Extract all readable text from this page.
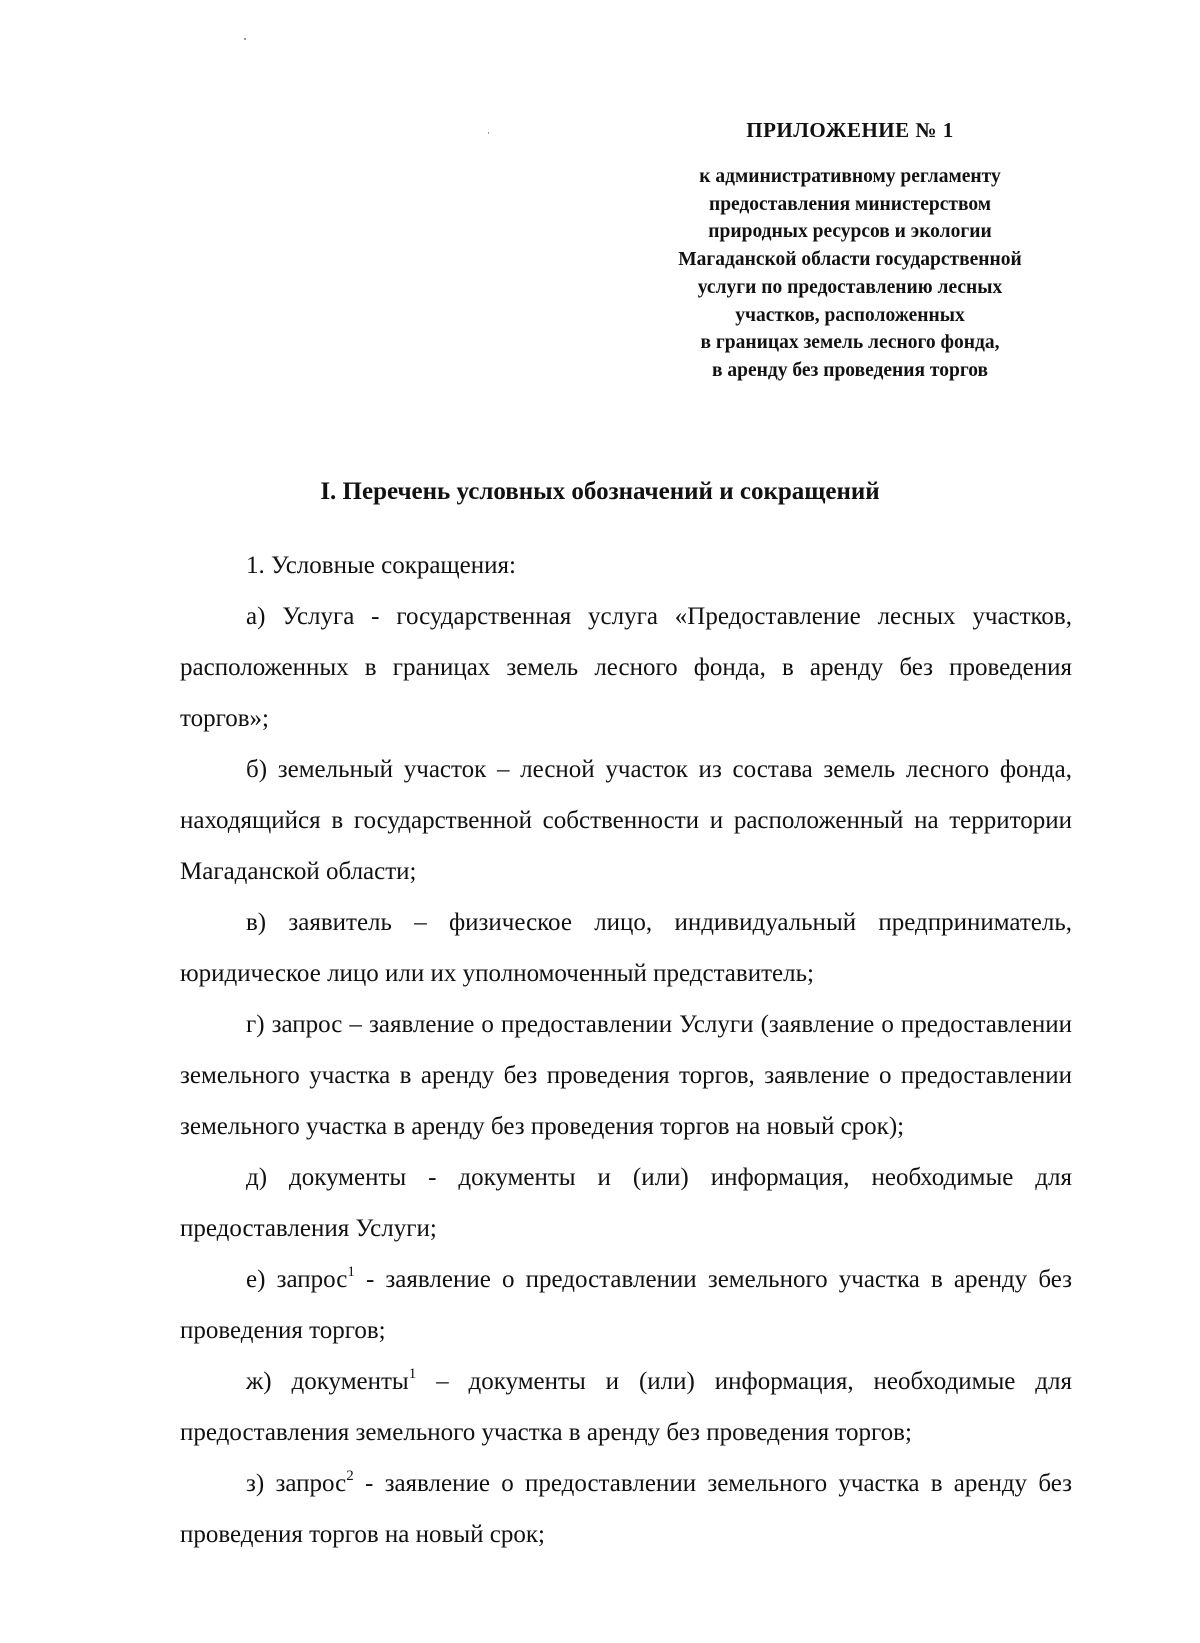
ПРИЛОЖЕНИЕ № 1
к административному регламенту
предоставления министерством
природных ресурсов и экологии
Магаданской области государственной
услуги по предоставлению лесных
участков, расположенных
в границах земель лесного фонда,
в аренду без проведения торгов
I. Перечень условных обозначений и сокращений

1. Условные сокращения:

а) Услуга - государственная услуга «Предоставление лесных участков, расположенных в границах земель лесного фонда, в аренду без проведения торгов»;

б) земельный участок – лесной участок из состава земель лесного фонда, находящийся в государственной собственности и расположенный на территории Магаданской области;

в) заявитель – физическое лицо, индивидуальный предприниматель, юридическое лицо или их уполномоченный представитель;

г) запрос – заявление о предоставлении Услуги (заявление о предоставлении земельного участка в аренду без проведения торгов, заявление о предоставлении земельного участка в аренду без проведения торгов на новый срок);

д) документы - документы и (или) информация, необходимые для предоставления Услуги;

е) запрос$^1$ - заявление о предоставлении земельного участка в аренду без проведения торгов;

ж) документы$^1$ – документы и (или) информация, необходимые для предоставления земельного участка в аренду без проведения торгов;

з) запрос$^2$ - заявление о предоставлении земельного участка в аренду без проведения торгов на новый срок;
